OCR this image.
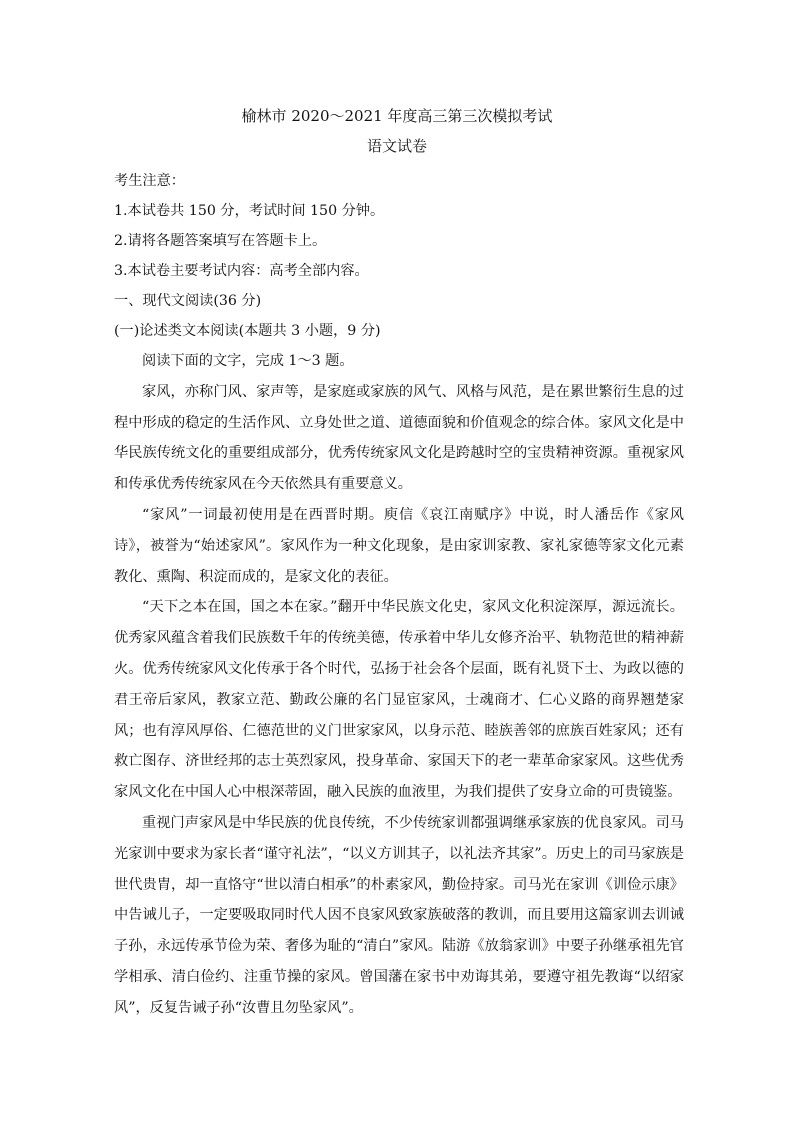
榆林市 2020～2021 年度高三第三次模拟考试
语文试卷
考生注意：
1.本试卷共 150 分，考试时间 150 分钟。
2.请将各题答案填写在答题卡上。
3.本试卷主要考试内容：高考全部内容。
一、现代文阅读(36 分)
(一)论述类文本阅读(本题共 3 小题，9 分)

阅读下面的文字，完成 1～3 题。

家风，亦称门风、家声等，是家庭或家族的风气、风格与风范，是在累世繁衍生息的过程中形成的稳定的生活作风、立身处世之道、道德面貌和价值观念的综合体。家风文化是中华民族传统文化的重要组成部分，优秀传统家风文化是跨越时空的宝贵精神资源。重视家风和传承优秀传统家风在今天依然具有重要意义。

“家风”一词最初使用是在西晋时期。庾信《哀江南赋序》中说，时人潘岳作《家风诗》，被誉为“始述家风”。家风作为一种文化现象，是由家训家教、家礼家德等家文化元素教化、熏陶、积淀而成的，是家文化的表征。

“天下之本在国，国之本在家。”翻开中华民族文化史，家风文化积淀深厚，源远流长。优秀家风蕴含着我们民族数千年的传统美德，传承着中华儿女修齐治平、轨物范世的精神薪火。优秀传统家风文化传承于各个时代，弘扬于社会各个层面，既有礼贤下士、为政以德的君王帝后家风，教家立范、勤政公廉的名门显宦家风，士魂商才、仁心义路的商界翘楚家风；也有淳风厚俗、仁德范世的义门世家家风，以身示范、睦族善邻的庶族百姓家风；还有救亡图存、济世经邦的志士英烈家风，投身革命、家国天下的老一辈革命家家风。这些优秀家风文化在中国人心中根深蒂固，融入民族的血液里，为我们提供了安身立命的可贵镜鉴。

重视门声家风是中华民族的优良传统，不少传统家训都强调继承家族的优良家风。司马光家训中要求为家长者“谨守礼法”，“以义方训其子，以礼法齐其家”。历史上的司马家族是世代贵胄，却一直恪守“世以清白相承”的朴素家风，勤俭持家。司马光在家训《训俭示康》中告诫儿子，一定要吸取同时代人因不良家风致家族破落的教训，而且要用这篇家训去训诫子孙，永远传承节俭为荣、奢侈为耻的“清白”家风。陆游《放翁家训》中要子孙继承祖先官学相承、清白俭约、注重节操的家风。曾国藩在家书中劝诲其弟，要遵守祖先教诲“以绍家风”，反复告诫子孙“汝曹且勿坠家风”。
